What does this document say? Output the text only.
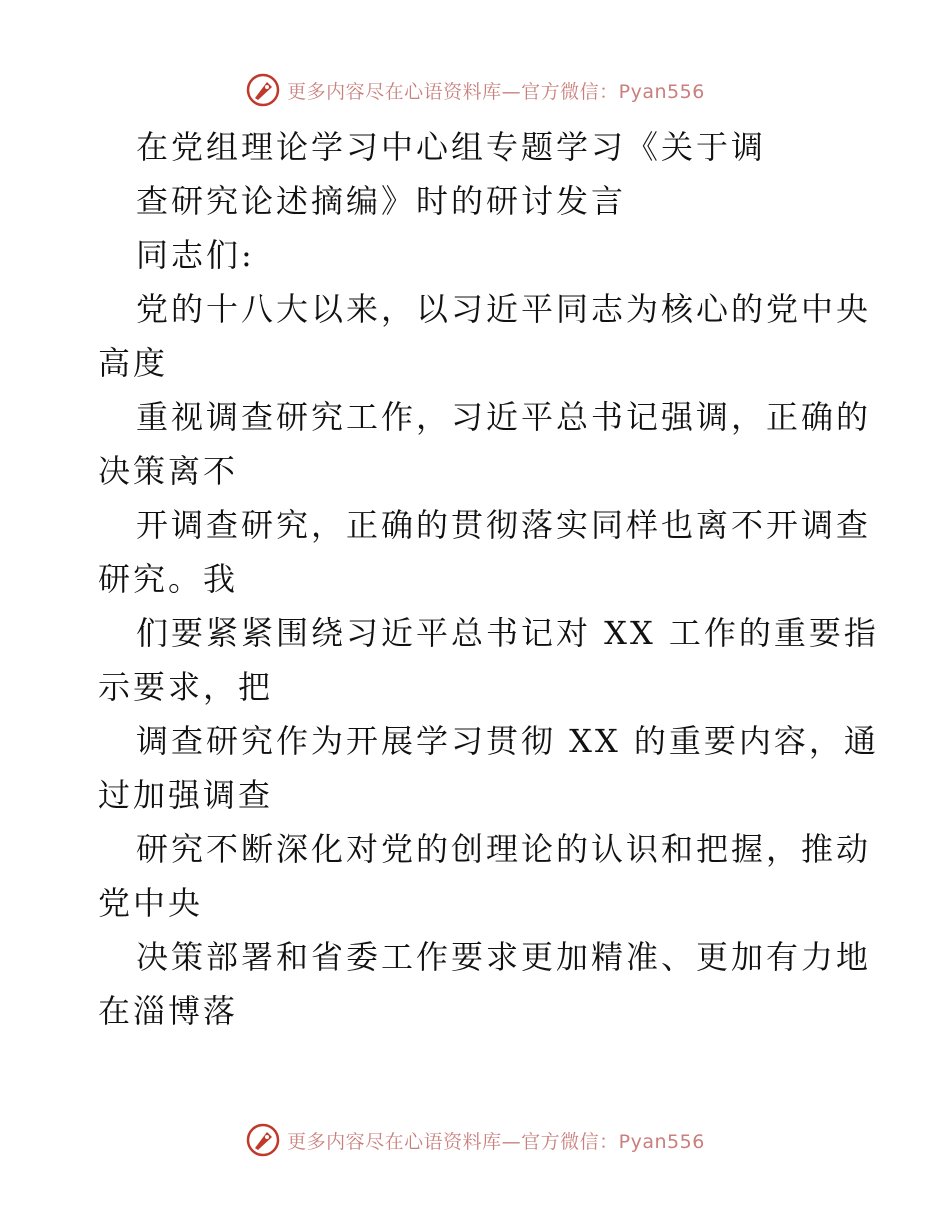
更多内容尽在心语资料库—官方微信：Pyan556
在党组理论学习中心组专题学习《关于调
查研究论述摘编》时的研讨发言
同志们:
党的十八大以来，以习近平同志为核心的党中央
高度
重视调查研究工作，习近平总书记强调，正确的
决策离不
开调查研究，正确的贯彻落实同样也离不开调查
研究。我
们要紧紧围绕习近平总书记对 XX 工作的重要指
示要求，把
调查研究作为开展学习贯彻 XX 的重要内容，通
过加强调查
研究不断深化对党的创理论的认识和把握，推动
党中央
决策部署和省委工作要求更加精准、更加有力地
在淄博落
更多内容尽在心语资料库—官方微信：Pyan556
